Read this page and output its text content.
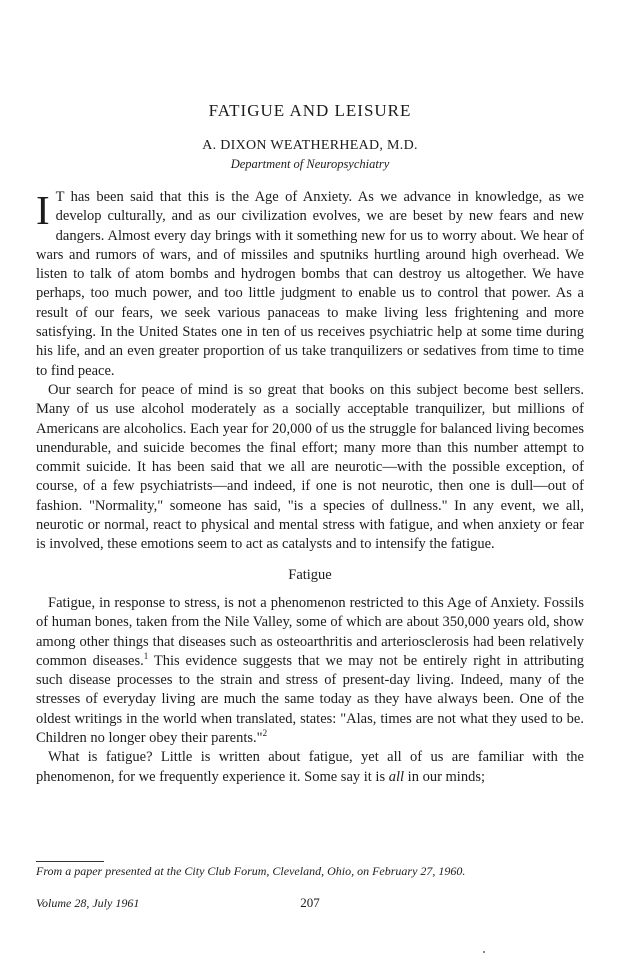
FATIGUE AND LEISURE
A. DIXON WEATHERHEAD, M.D.
Department of Neuropsychiatry

I T has been said that this is the Age of Anxiety. As we advance in knowledge, as we develop culturally, and as our civilization evolves, we are beset by new fears and new dangers. Almost every day brings with it something new for us to worry about. We hear of wars and rumors of wars, and of missiles and sputniks hurtling around high overhead. We listen to talk of atom bombs and hydrogen bombs that can destroy us altogether. We have perhaps, too much power, and too little judgment to enable us to control that power. As a result of our fears, we seek various panaceas to make living less frightening and more satisfying. In the United States one in ten of us receives psychiatric help at some time during his life, and an even greater proportion of us take tranquilizers or sedatives from time to time to find peace.

Our search for peace of mind is so great that books on this subject become best sellers. Many of us use alcohol moderately as a socially acceptable tranquilizer, but millions of Americans are alcoholics. Each year for 20,000 of us the struggle for balanced living becomes unendurable, and suicide becomes the final effort; many more than this number attempt to commit suicide. It has been said that we all are neurotic—with the possible exception, of course, of a few psychiatrists—and indeed, if one is not neurotic, then one is dull—out of fashion. "Normality," someone has said, "is a species of dullness." In any event, we all, neurotic or normal, react to physical and mental stress with fatigue, and when anxiety or fear is involved, these emotions seem to act as catalysts and to intensify the fatigue.

Fatigue

Fatigue, in response to stress, is not a phenomenon restricted to this Age of Anxiety. Fossils of human bones, taken from the Nile Valley, some of which are about 350,000 years old, show among other things that diseases such as osteoarthritis and arteriosclerosis had been relatively common diseases.$^1$ This evidence suggests that we may not be entirely right in attributing such disease processes to the strain and stress of present-day living. Indeed, many of the stresses of everyday living are much the same today as they have always been. One of the oldest writings in the world when translated, states: "Alas, times are not what they used to be. Children no longer obey their parents."$^2$

What is fatigue? Little is written about fatigue, yet all of us are familiar with the phenomenon, for we frequently experience it. Some say it is all in our minds;

From a paper presented at the City Club Forum, Cleveland, Ohio, on February 27, 1960.
Volume 28, July 1961	207
